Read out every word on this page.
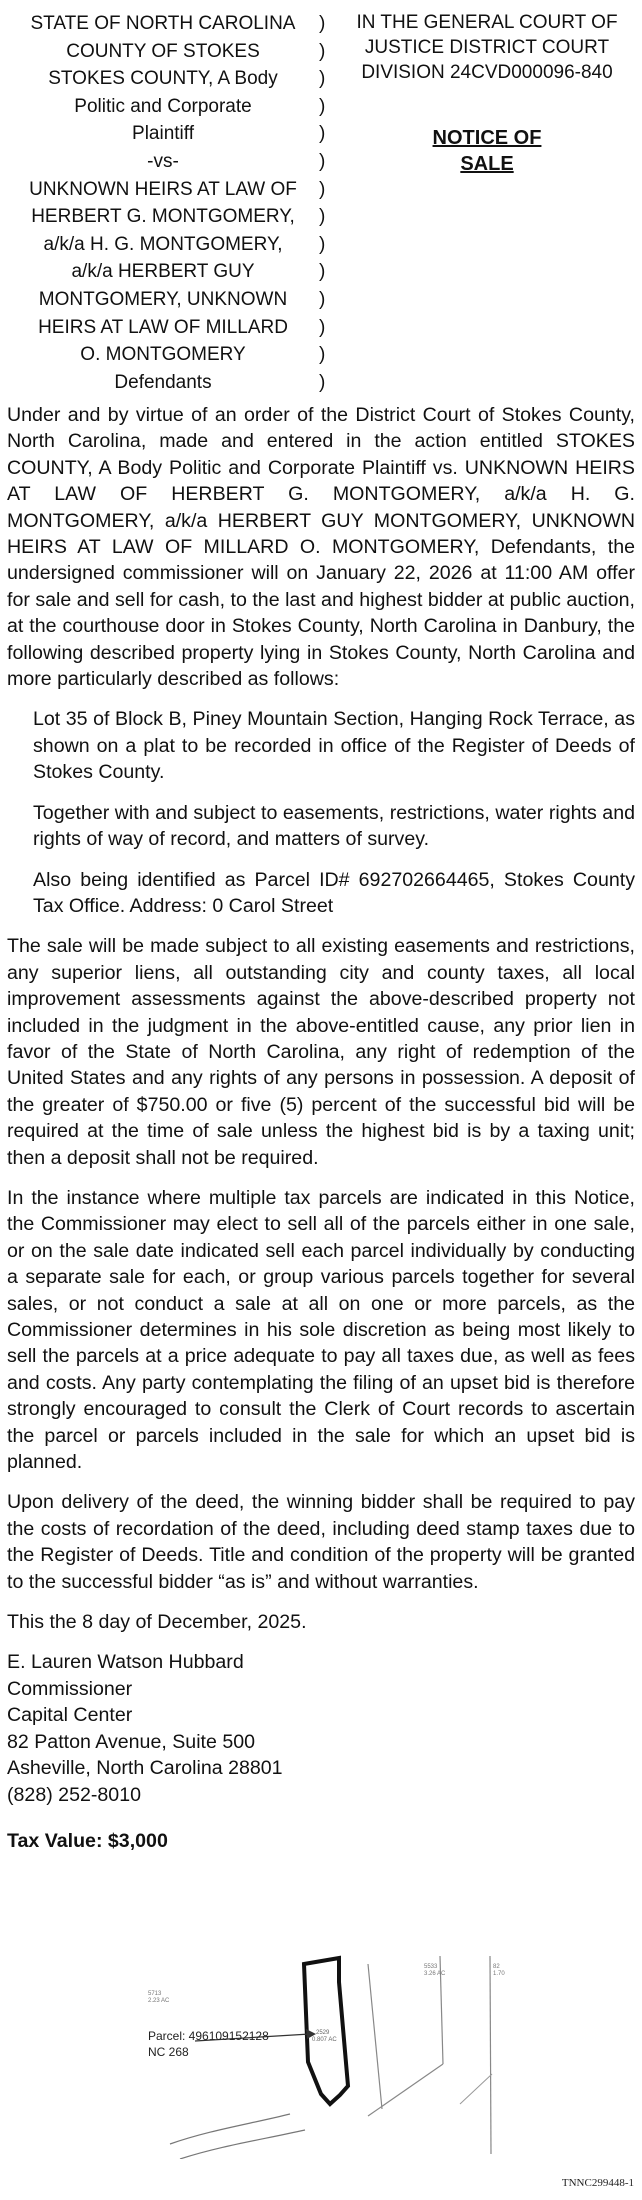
STATE OF NORTH CAROLINA
COUNTY OF STOKES
STOKES COUNTY, A Body
Politic and Corporate
Plaintiff
-vs-
UNKNOWN HEIRS AT LAW OF
HERBERT G. MONTGOMERY,
a/k/a H. G. MONTGOMERY,
a/k/a HERBERT GUY
MONTGOMERY, UNKNOWN
HEIRS AT LAW OF MILLARD
O. MONTGOMERY
Defendants
)
)
)
)
)
)
)
)
)
)
)
)
)
)
IN THE GENERAL COURT OF
JUSTICE DISTRICT COURT
DIVISION 24CVD000096-840
NOTICE OF
SALE

Under and by virtue of an order of the District Court of Stokes County, North Carolina, made and entered in the action entitled STOKES COUNTY, A Body Politic and Corporate Plaintiff vs. UNKNOWN HEIRS AT LAW OF HERBERT G. MONTGOMERY, a/k/a H. G. MONTGOMERY, a/k/a HERBERT GUY MONTGOMERY, UNKNOWN HEIRS AT LAW OF MILLARD O. MONTGOMERY, Defendants, the undersigned commissioner will on January 22, 2026 at 11:00 AM offer for sale and sell for cash, to the last and highest bidder at public auction, at the courthouse door in Stokes County, North Carolina in Danbury, the following described property lying in Stokes County, North Carolina and more particularly described as follows:

Lot 35 of Block B, Piney Mountain Section, Hanging Rock Terrace, as shown on a plat to be recorded in office of the Register of Deeds of Stokes County.

Together with and subject to easements, restrictions, water rights and rights of way of record, and matters of survey.

Also being identified as Parcel ID# 692702664465, Stokes County Tax Office. Address: 0 Carol Street

The sale will be made subject to all existing easements and restrictions, any superior liens, all outstanding city and county taxes, all local improvement assessments against the above-described property not included in the judgment in the above-entitled cause, any prior lien in favor of the State of North Carolina, any right of redemption of the United States and any rights of any persons in possession. A deposit of the greater of $750.00 or five (5) percent of the successful bid will be required at the time of sale unless the highest bid is by a taxing unit; then a deposit shall not be required.

In the instance where multiple tax parcels are indicated in this Notice, the Commissioner may elect to sell all of the parcels either in one sale, or on the sale date indicated sell each parcel individually by conducting a separate sale for each, or group various parcels together for several sales, or not conduct a sale at all on one or more parcels, as the Commissioner determines in his sole discretion as being most likely to sell the parcels at a price adequate to pay all taxes due, as well as fees and costs. Any party contemplating the filing of an upset bid is therefore strongly encouraged to consult the Clerk of Court records to ascertain the parcel or parcels included in the sale for which an upset bid is planned.

Upon delivery of the deed, the winning bidder shall be required to pay the costs of recordation of the deed, including deed stamp taxes due to the Register of Deeds. Title and condition of the property will be granted to the successful bidder “as is” and without warranties.

This the 8 day of December, 2025.

E. Lauren Watson Hubbard
Commissioner
Capital Center
82 Patton Avenue, Suite 500
Asheville, North Carolina 28801
(828) 252-8010
Tax Value: $3,000
5713
2.23 AC
2529
0.807 AC
5533
3.26 AC
82
1.70
Parcel: 496109152128
NC 268
TNNC299448-1
